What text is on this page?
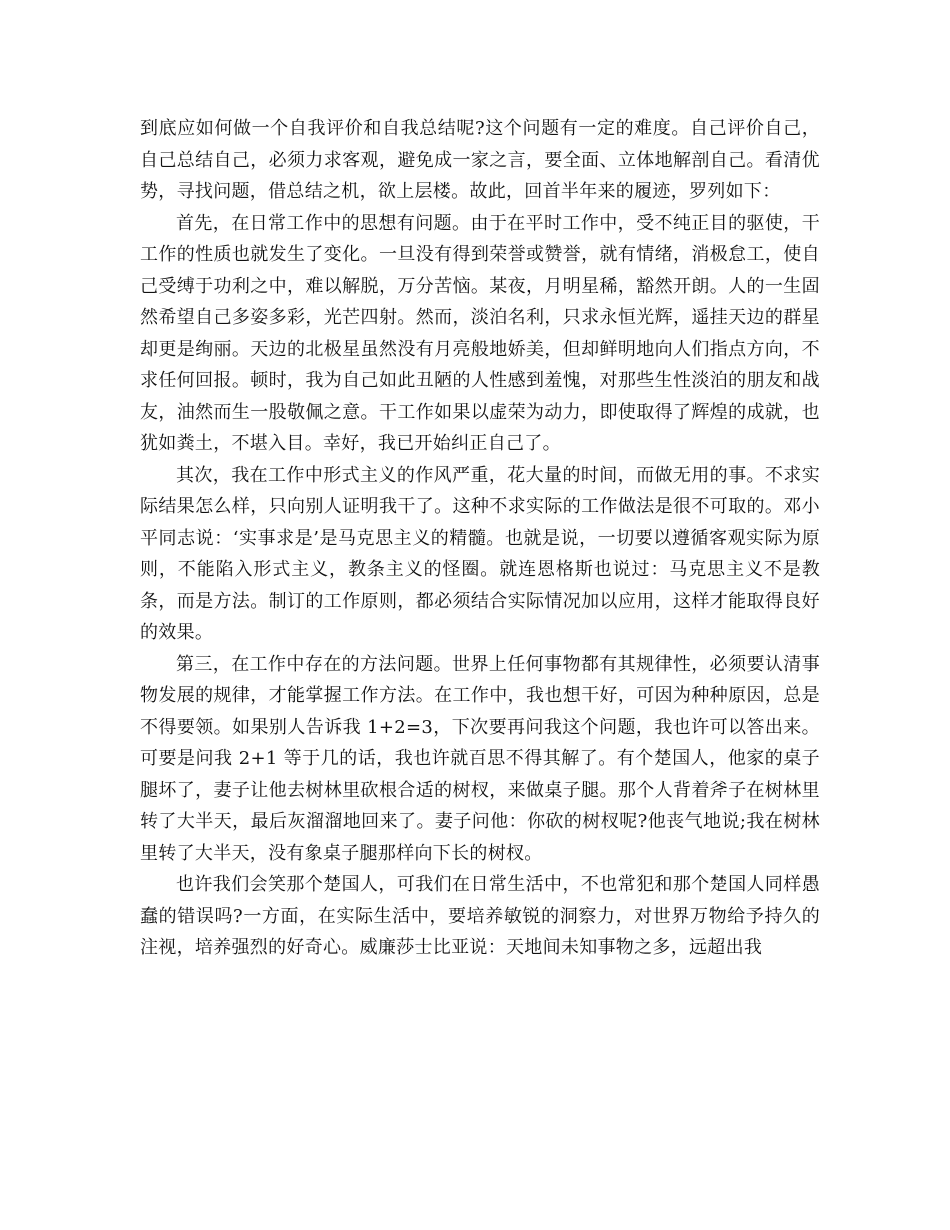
到底应如何做一个自我评价和自我总结呢?这个问题有一定的难度。自己评价自己，自己总结自己，必须力求客观，避免成一家之言，要全面、立体地解剖自己。看清优势，寻找问题，借总结之机，欲上层楼。故此，回首半年来的履迹，罗列如下：

首先，在日常工作中的思想有问题。由于在平时工作中，受不纯正目的驱使，干工作的性质也就发生了变化。一旦没有得到荣誉或赞誉，就有情绪，消极怠工，使自己受缚于功利之中，难以解脱，万分苦恼。某夜，月明星稀，豁然开朗。人的一生固然希望自己多姿多彩，光芒四射。然而，淡泊名利，只求永恒光辉，遥挂天边的群星却更是绚丽。天边的北极星虽然没有月亮般地娇美，但却鲜明地向人们指点方向，不求任何回报。顿时，我为自己如此丑陋的人性感到羞愧，对那些生性淡泊的朋友和战友，油然而生一股敬佩之意。干工作如果以虚荣为动力，即使取得了辉煌的成就，也犹如粪土，不堪入目。幸好，我已开始纠正自己了。

其次，我在工作中形式主义的作风严重，花大量的时间，而做无用的事。不求实际结果怎么样，只向别人证明我干了。这种不求实际的工作做法是很不可取的。邓小平同志说：‘实事求是’是马克思主义的精髓。也就是说，一切要以遵循客观实际为原则，不能陷入形式主义，教条主义的怪圈。就连恩格斯也说过：马克思主义不是教条，而是方法。制订的工作原则，都必须结合实际情况加以应用，这样才能取得良好的效果。

第三，在工作中存在的方法问题。世界上任何事物都有其规律性，必须要认清事物发展的规律，才能掌握工作方法。在工作中，我也想干好，可因为种种原因，总是不得要领。如果别人告诉我 1+2=3，下次要再问我这个问题，我也许可以答出来。可要是问我 2+1 等于几的话，我也许就百思不得其解了。有个楚国人，他家的桌子腿坏了，妻子让他去树林里砍根合适的树杈，来做桌子腿。那个人背着斧子在树林里转了大半天，最后灰溜溜地回来了。妻子问他：你砍的树杈呢?他丧气地说;我在树林里转了大半天，没有象桌子腿那样向下长的树杈。

也许我们会笑那个楚国人，可我们在日常生活中，不也常犯和那个楚国人同样愚蠢的错误吗?一方面，在实际生活中，要培养敏锐的洞察力，对世界万物给予持久的注视，培养强烈的好奇心。威廉莎士比亚说：天地间未知事物之多，远超出我
